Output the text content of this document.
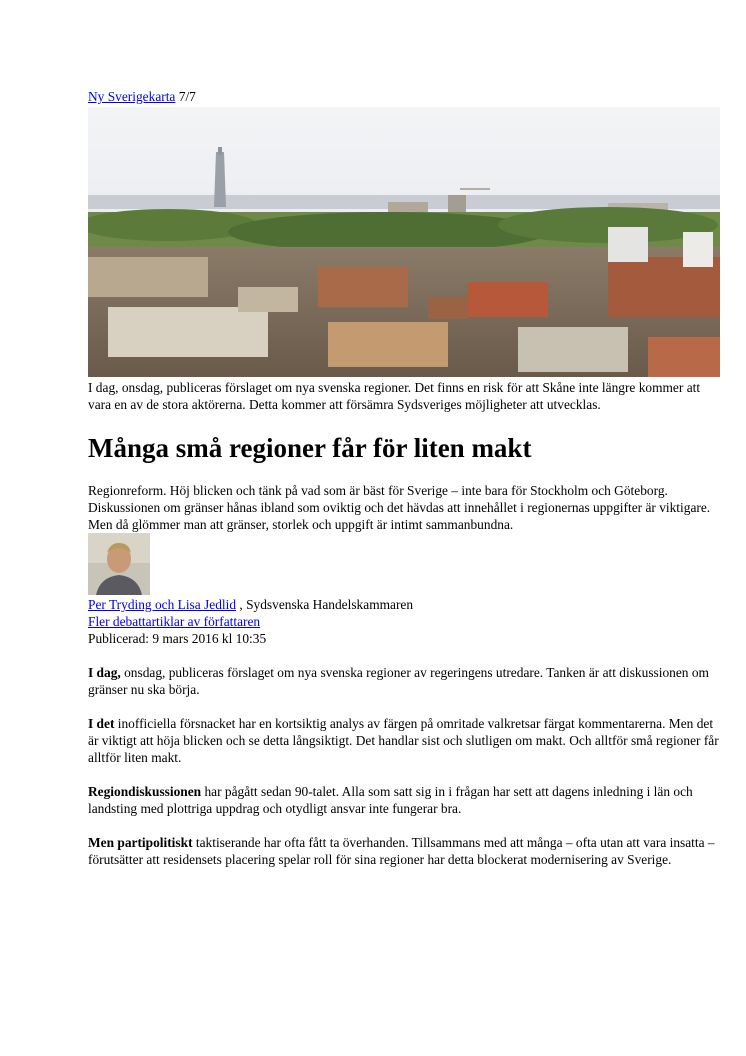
Ny Sverigekarta 7/7
I dag, onsdag, publiceras förslaget om nya svenska regioner. Det finns en risk för att Skåne inte längre kommer att vara en av de stora aktörerna. Detta kommer att försämra Sydsveriges möjligheter att utvecklas.
Många små regioner får för liten makt
Regionreform. Höj blicken och tänk på vad som är bäst för Sverige – inte bara för Stockholm och Göteborg. Diskussionen om gränser hånas ibland som oviktig och det hävdas att innehållet i regionernas uppgifter är viktigare. Men då glömmer man att gränser, storlek och uppgift är intimt sammanbundna.
Per Tryding och Lisa Jedlid , Sydsvenska Handelskammaren
Fler debattartiklar av författaren
Publicerad: 9 mars 2016 kl 10:35

I dag, onsdag, publiceras förslaget om nya svenska regioner av regeringens utredare. Tanken är att diskussionen om gränser nu ska börja.

I det inofficiella försnacket har en kortsiktig analys av färgen på omritade valkretsar färgat kommentarerna. Men det är viktigt att höja blicken och se detta långsiktigt. Det handlar sist och slutligen om makt. Och alltför små regioner får alltför liten makt.

Regiondiskussionen har pågått sedan 90-talet. Alla som satt sig in i frågan har sett att dagens inledning i län och landsting med plottriga uppdrag och otydligt ansvar inte fungerar bra.

Men partipolitiskt taktiserande har ofta fått ta överhanden. Tillsammans med att många – ofta utan att vara insatta – förutsätter att residensets placering spelar roll för sina regioner har detta blockerat modernisering av Sverige.
